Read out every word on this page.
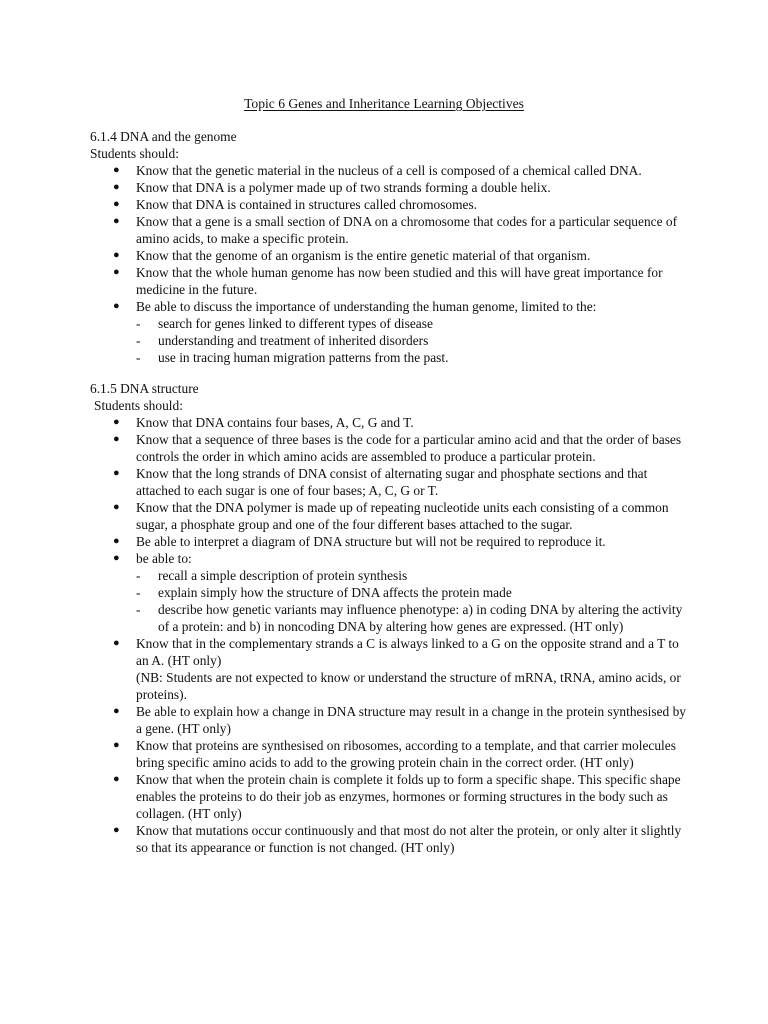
Topic 6 Genes and Inheritance Learning Objectives
6.1.4 DNA and the genome
Students should:
● Know that the genetic material in the nucleus of a cell is composed of a chemical called DNA.
● Know that DNA is a polymer made up of two strands forming a double helix.
● Know that DNA is contained in structures called chromosomes.
● Know that a gene is a small section of DNA on a chromosome that codes for a particular sequence of amino acids, to make a specific protein.
● Know that the genome of an organism is the entire genetic material of that organism.
● Know that the whole human genome has now been studied and this will have great importance for medicine in the future.
● Be able to discuss the importance of understanding the human genome, limited to the:
- search for genes linked to different types of disease
- understanding and treatment of inherited disorders
- use in tracing human migration patterns from the past.
6.1.5 DNA structure
Students should:
● Know that DNA contains four bases, A, C, G and T.
● Know that a sequence of three bases is the code for a particular amino acid and that the order of bases controls the order in which amino acids are assembled to produce a particular protein.
● Know that the long strands of DNA consist of alternating sugar and phosphate sections and that attached to each sugar is one of four bases; A, C, G or T.
● Know that the DNA polymer is made up of repeating nucleotide units each consisting of a common sugar, a phosphate group and one of the four different bases attached to the sugar.
● Be able to interpret a diagram of DNA structure but will not be required to reproduce it.
● be able to:
- recall a simple description of protein synthesis
- explain simply how the structure of DNA affects the protein made
- describe how genetic variants may influence phenotype: a) in coding DNA by altering the activity of a protein: and b) in noncoding DNA by altering how genes are expressed. (HT only)
● Know that in the complementary strands a C is always linked to a G on the opposite strand and a T to an A. (HT only)
(NB: Students are not expected to know or understand the structure of mRNA, tRNA, amino acids, or proteins).
● Be able to explain how a change in DNA structure may result in a change in the protein synthesised by a gene. (HT only)
● Know that proteins are synthesised on ribosomes, according to a template, and that carrier molecules bring specific amino acids to add to the growing protein chain in the correct order. (HT only)
● Know that when the protein chain is complete it folds up to form a specific shape. This specific shape enables the proteins to do their job as enzymes, hormones or forming structures in the body such as collagen. (HT only)
● Know that mutations occur continuously and that most do not alter the protein, or only alter it slightly so that its appearance or function is not changed. (HT only)
